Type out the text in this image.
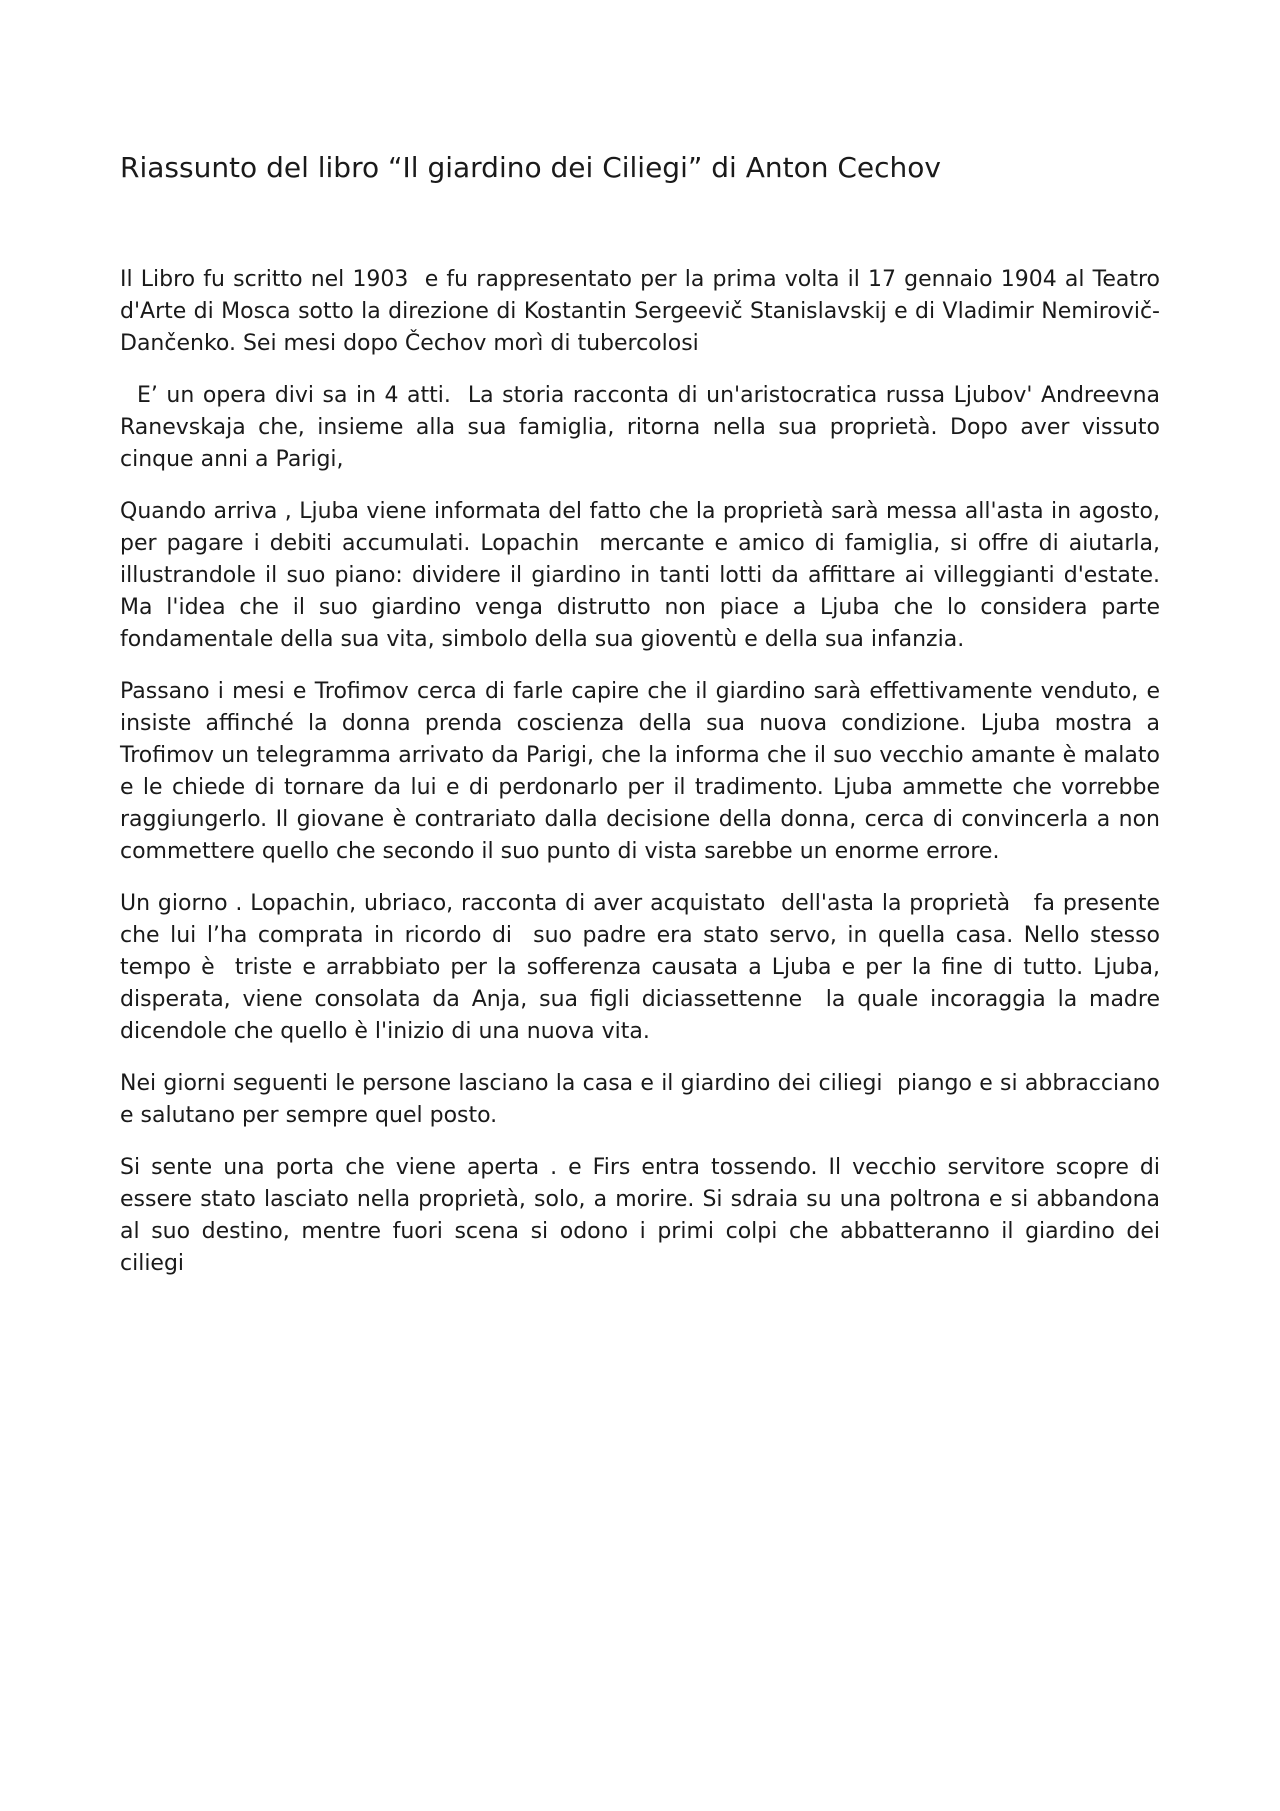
Riassunto del libro “Il giardino dei Ciliegi” di Anton Cechov

Il Libro fu scritto nel 1903  e fu rappresentato per la prima volta il 17 gennaio 1904 al Teatro d'Arte di Mosca sotto la direzione di Kostantin Sergeevič Stanislavskij e di Vladimir Nemirovič-Dančenko. Sei mesi dopo Čechov morì di tubercolosi

E’ un opera divi sa in 4 atti.  La storia racconta di un'aristocratica russa Ljubov' Andreevna Ranevskaja che, insieme alla sua famiglia, ritorna nella sua proprietà. Dopo aver vissuto cinque anni a Parigi,

Quando arriva , Ljuba viene informata del fatto che la proprietà sarà messa all'asta in agosto, per pagare i debiti accumulati. Lopachin  mercante e amico di famiglia, si offre di aiutarla, illustrandole il suo piano: dividere il giardino in tanti lotti da affittare ai villeggianti d'estate. Ma l'idea che il suo giardino venga distrutto non piace a Ljuba che lo considera parte fondamentale della sua vita, simbolo della sua gioventù e della sua infanzia.

Passano i mesi e Trofimov cerca di farle capire che il giardino sarà effettivamente venduto, e insiste affinché la donna prenda coscienza della sua nuova condizione. Ljuba mostra a Trofimov un telegramma arrivato da Parigi, che la informa che il suo vecchio amante è malato e le chiede di tornare da lui e di perdonarlo per il tradimento. Ljuba ammette che vorrebbe raggiungerlo. Il giovane è contrariato dalla decisione della donna, cerca di convincerla a non commettere quello che secondo il suo punto di vista sarebbe un enorme errore.

Un giorno . Lopachin, ubriaco, racconta di aver acquistato  dell'asta la proprietà   fa presente che lui l’ha comprata in ricordo di  suo padre era stato servo, in quella casa. Nello stesso tempo è  triste e arrabbiato per la sofferenza causata a Ljuba e per la fine di tutto. Ljuba, disperata, viene consolata da Anja, sua figli diciassettenne  la quale incoraggia la madre dicendole che quello è l'inizio di una nuova vita.

Nei giorni seguenti le persone lasciano la casa e il giardino dei ciliegi  piango e si abbracciano  e salutano per sempre quel posto.

Si sente una porta che viene aperta . e Firs entra tossendo. Il vecchio servitore scopre di essere stato lasciato nella proprietà, solo, a morire. Si sdraia su una poltrona e si abbandona al suo destino, mentre fuori scena si odono i primi colpi che abbatteranno il giardino dei ciliegi
